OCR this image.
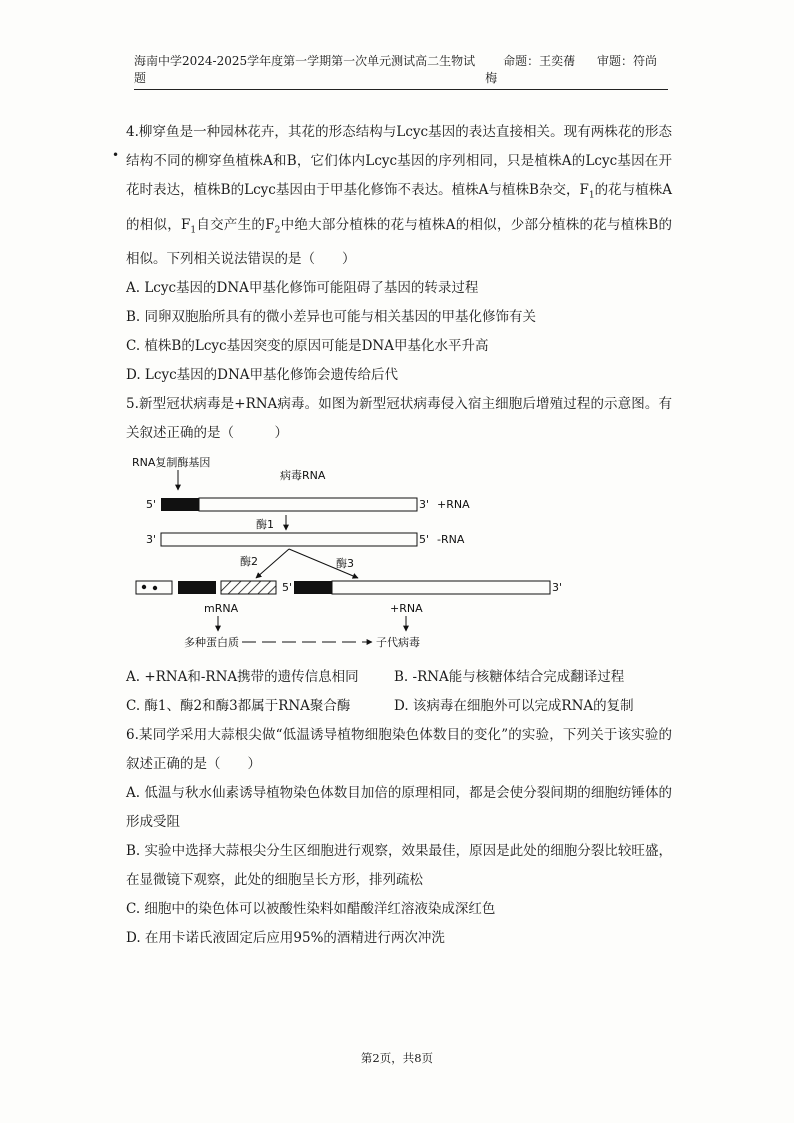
海南中学2024-2025学年度第一学期第一次单元测试高二生物试题
命题：王奕蒨 审题：符尚梅
•

4.柳穿鱼是一种园林花卉，其花的形态结构与Lcyc基因的表达直接相关。现有两株花的形态结构不同的柳穿鱼植株A和B，它们体内Lcyc基因的序列相同，只是植株A的Lcyc基因在开花时表达，植株B的Lcyc基因由于甲基化修饰不表达。植株A与植株B杂交，$F_1$的花与植株A的相似，$F_1$自交产生的$F_2$中绝大部分植株的花与植株A的相似，少部分植株的花与植株B的相似。下列相关说法错误的是（　　）

A. Lcyc基因的DNA甲基化修饰可能阻碍了基因的转录过程

B. 同卵双胞胎所具有的微小差异也可能与相关基因的甲基化修饰有关

C. 植株B的Lcyc基因突变的原因可能是DNA甲基化水平升高

D. Lcyc基因的DNA甲基化修饰会遗传给后代

5.新型冠状病毒是+RNA病毒。如图为新型冠状病毒侵入宿主细胞后增殖过程的示意图。有关叙述正确的是（　　　）

RNA复制酶基因
病毒RNA
5'	3' +RNA
酶1
3'	5' -RNA
酶2	酶3
5'	3'
mRNA
多种蛋白质
+RNA
子代病毒
A. +RNA和-RNA携带的遗传信息相同	B. -RNA能与核糖体结合完成翻译过程
C. 酶1、酶2和酶3都属于RNA聚合酶	D. 该病毒在细胞外可以完成RNA的复制

6.某同学采用大蒜根尖做“低温诱导植物细胞染色体数目的变化”的实验，下列关于该实验的叙述正确的是（　　）

A. 低温与秋水仙素诱导植物染色体数目加倍的原理相同，都是会使分裂间期的细胞纺锤体的形成受阻

B. 实验中选择大蒜根尖分生区细胞进行观察，效果最佳，原因是此处的细胞分裂比较旺盛，在显微镜下观察，此处的细胞呈长方形，排列疏松

C. 细胞中的染色体可以被酸性染料如醋酸洋红溶液染成深红色

D. 在用卡诺氏液固定后应用95%的酒精进行两次冲洗

第2页，共8页
